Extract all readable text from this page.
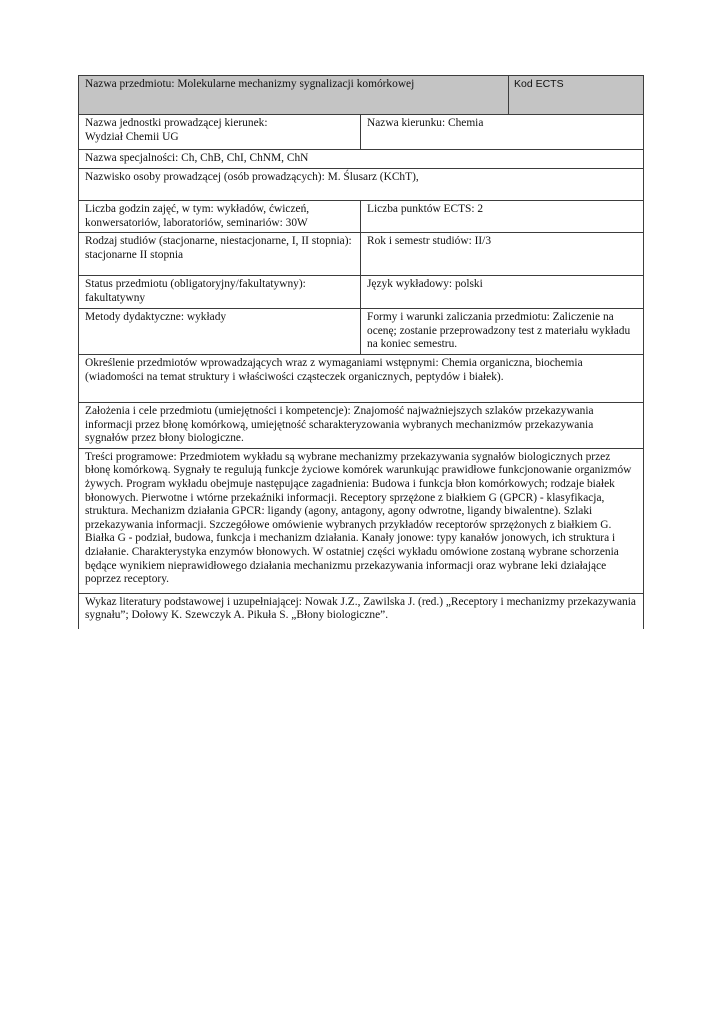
Nazwa przedmiotu: Molekularne mechanizmy sygnalizacji komórkowej		Kod ECTS

Nazwa jednostki prowadzącej kierunek:
Wydział Chemii UG	Nazwa kierunku: Chemia	
Nazwa specjalności: Ch, ChB, ChI, ChNM, ChN		
Nazwisko osoby prowadzącej (osób prowadzących): M. Ślusarz (KChT),		
Liczba godzin zajęć, w tym: wykładów, ćwiczeń, konwersatoriów, laboratoriów, seminariów: 30W	Liczba punktów ECTS: 2	
Rodzaj studiów (stacjonarne, niestacjonarne, I, II stopnia): stacjonarne II stopnia	Rok i semestr studiów: II/3	
Status przedmiotu (obligatoryjny/fakultatywny): fakultatywny	Język wykładowy: polski	
Metody dydaktyczne: wykłady	Formy i warunki zaliczania przedmiotu: Zaliczenie na ocenę; zostanie przeprowadzony test z materiału wykładu na koniec semestru.	
Określenie przedmiotów wprowadzających wraz z wymaganiami wstępnymi: Chemia organiczna, biochemia (wiadomości na temat struktury i właściwości cząsteczek organicznych, peptydów i białek).		
Założenia i cele przedmiotu (umiejętności i kompetencje): Znajomość najważniejszych szlaków przekazywania informacji przez błonę komórkową, umiejętność scharakteryzowania wybranych mechanizmów przekazywania sygnałów przez błony biologiczne.		
Treści programowe: Przedmiotem wykładu są wybrane mechanizmy przekazywania sygnałów biologicznych przez błonę komórkową. Sygnały te regulują funkcje życiowe komórek warunkując prawidłowe funkcjonowanie organizmów żywych. Program wykładu obejmuje następujące zagadnienia: Budowa i funkcja błon komórkowych; rodzaje białek błonowych. Pierwotne i wtórne przekaźniki informacji. Receptory sprzężone z białkiem G (GPCR) - klasyfikacja, struktura. Mechanizm działania GPCR: ligandy (agony, antagony, agony odwrotne, ligandy biwalentne). Szlaki przekazywania informacji. Szczegółowe omówienie wybranych przykładów receptorów sprzężonych z białkiem G. Białka G - podział, budowa, funkcja i mechanizm działania. Kanały jonowe: typy kanałów jonowych, ich struktura i działanie. Charakterystyka enzymów błonowych. W ostatniej części wykładu omówione zostaną wybrane schorzenia będące wynikiem nieprawidłowego działania mechanizmu przekazywania informacji oraz wybrane leki działające poprzez receptory.		
Wykaz literatury podstawowej i uzupełniającej: Nowak J.Z., Zawilska J. (red.) „Receptory i mechanizmy przekazywania sygnału”; Dołowy K. Szewczyk A. Pikuła S. „Błony biologiczne”.		
